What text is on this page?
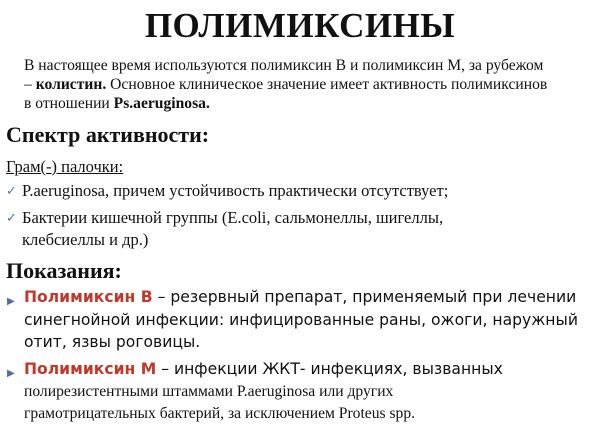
ПОЛИМИКСИНЫ
В настоящее время используются полимиксин В и полимиксин М, за рубежом
– колистин. Основное клиническое значение имеет активность полимиксинов
в отношении Ps.aeruginosa.
Спектр активности:
Грам(-) палочки:
✓ P.aeruginosa, причем устойчивость практически отсутствует;
✓ Бактерии кишечной группы (E.coli, сальмонеллы, шигеллы,
клебсиеллы и др.)
Показания:
▶ Полимиксин В – резервный препарат, применяемый при лечении
синегнойной инфекции: инфицированные раны, ожоги, наружный
отит, язвы роговицы.
▶ Полимиксин М – инфекции ЖКТ- инфекциях, вызванных
полирезистентными штаммами P.aeruginosa или других
грамотрицательных бактерий, за исключением Proteus spp.
